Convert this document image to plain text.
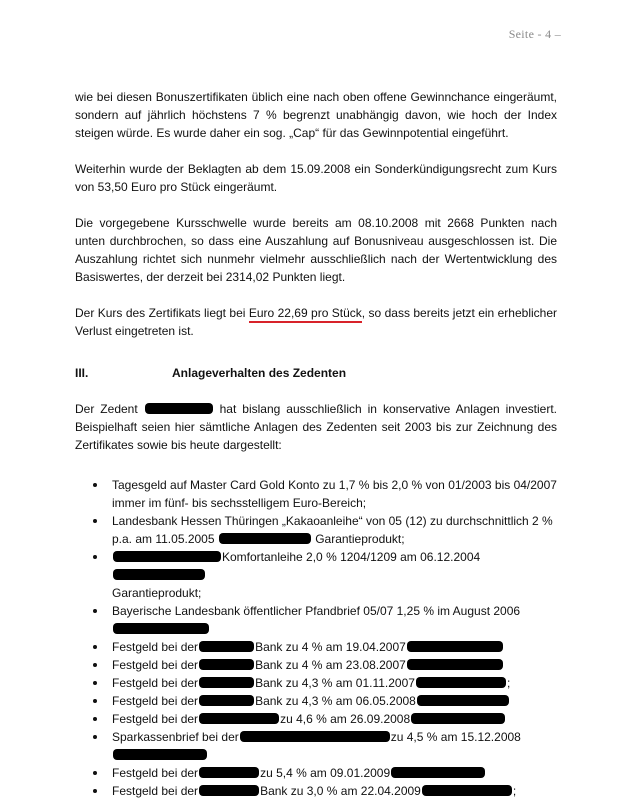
Seite - 4 –

wie bei diesen Bonuszertifikaten üblich eine nach oben offene Gewinnchance eingeräumt, sondern auf jährlich höchstens 7 % begrenzt unabhängig davon, wie hoch der Index steigen würde. Es wurde daher ein sog. „Cap“ für das Gewinnpotential eingeführt.

Weiterhin wurde der Beklagten ab dem 15.09.2008 ein Sonderkündigungsrecht zum Kurs von 53,50 Euro pro Stück eingeräumt.

Die vorgegebene Kursschwelle wurde bereits am 08.10.2008 mit 2668 Punkten nach unten durchbrochen, so dass eine Auszahlung auf Bonusniveau ausgeschlossen ist. Die Auszahlung richtet sich nunmehr vielmehr ausschließlich nach der Wertentwicklung des Basiswertes, der derzeit bei 2314,02 Punkten liegt.

Der Kurs des Zertifikats liegt bei Euro 22,69 pro Stück, so dass bereits jetzt ein erheblicher Verlust eingetreten ist.

III.	Anlageverhalten des Zedenten

Der Zedent	hat bislang ausschließlich in konservative Anlagen investiert. Beispielhaft seien hier sämtliche Anlagen des Zedenten seit 2003 bis zur Zeichnung des Zertifikates sowie bis heute dargestellt:

Tagesgeld auf Master Card Gold Konto zu 1,7 % bis 2,0 % von 01/2003 bis 04/2007 immer im fünf- bis sechsstelligem Euro-Bereich;
Landesbank Hessen Thüringen „Kakaoanleihe“ von 05 (12) zu durchschnittlich 2 % p.a. am 11.05.2005	Garantieprodukt;
Komfortanleihe 2,0 % 1204/1209 am 06.12.2004
Garantieprodukt;
Bayerische Landesbank öffentlicher Pfandbrief 05/07 1,25 % im August 2006

Festgeld bei der	Bank zu 4 % am 19.04.2007
Festgeld bei der	Bank zu 4 % am 23.08.2007
Festgeld bei der	Bank zu 4,3 % am 01.11.2007	;
Festgeld bei der	Bank zu 4,3 % am 06.05.2008
Festgeld bei der	zu 4,6 % am 26.09.2008
Sparkassenbrief bei der	zu 4,5 % am 15.12.2008

Festgeld bei der	zu 5,4 % am 09.01.2009
Festgeld bei der	Bank zu 3,0 % am 22.04.2009	;
